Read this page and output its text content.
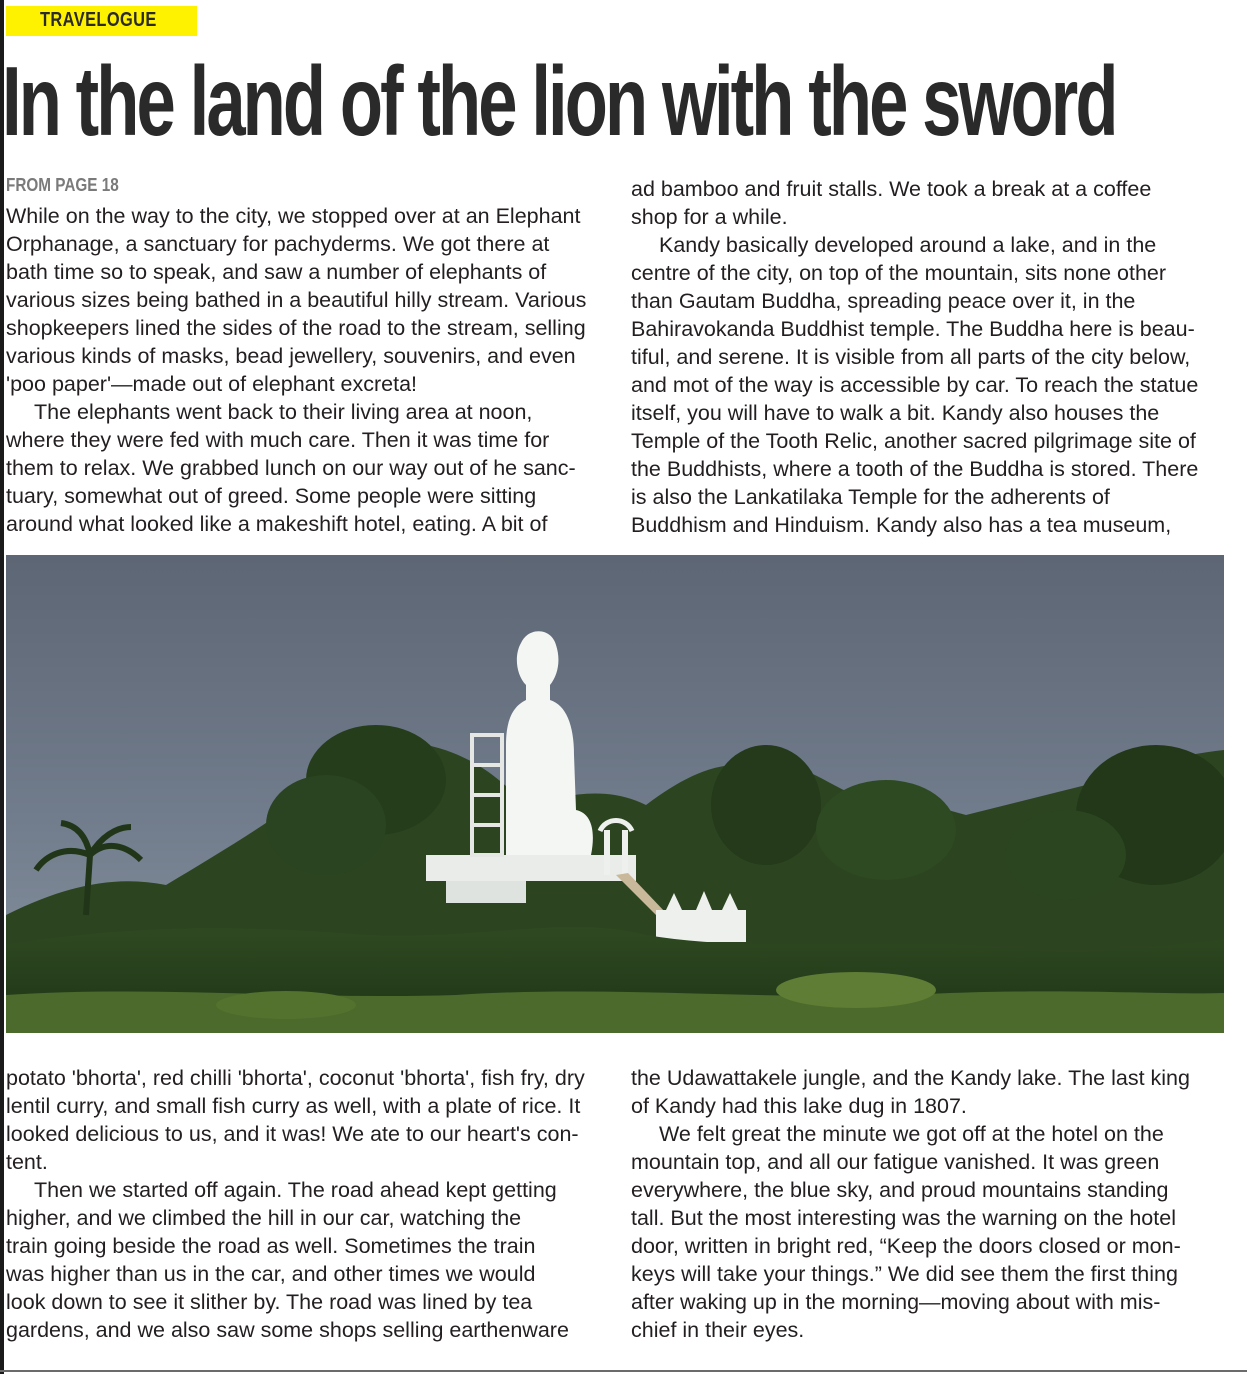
TRAVELOGUE
In the land of the lion with the sword
FROM PAGE 18

While on the way to the city, we stopped over at an Elephant

Orphanage, a sanctuary for pachyderms. We got there at

bath time so to speak, and saw a number of elephants of

various sizes being bathed in a beautiful hilly stream. Various

shopkeepers lined the sides of the road to the stream, selling

various kinds of masks, bead jewellery, souvenirs, and even

'poo paper'—made out of elephant excreta!

The elephants went back to their living area at noon,

where they were fed with much care. Then it was time for

them to relax. We grabbed lunch on our way out of he sanc-

tuary, somewhat out of greed. Some people were sitting

around what looked like a makeshift hotel, eating. A bit of

ad bamboo and fruit stalls. We took a break at a coffee

shop for a while.

Kandy basically developed around a lake, and in the

centre of the city, on top of the mountain, sits none other

than Gautam Buddha, spreading peace over it, in the

Bahiravokanda Buddhist temple. The Buddha here is beau-

tiful, and serene. It is visible from all parts of the city below,

and mot of the way is accessible by car. To reach the statue

itself, you will have to walk a bit. Kandy also houses the

Temple of the Tooth Relic, another sacred pilgrimage site of

the Buddhists, where a tooth of the Buddha is stored. There

is also the Lankatilaka Temple for the adherents of

Buddhism and Hinduism. Kandy also has a tea museum,

potato 'bhorta', red chilli 'bhorta', coconut 'bhorta', fish fry, dry

lentil curry, and small fish curry as well, with a plate of rice. It

looked delicious to us, and it was! We ate to our heart's con-

tent.

Then we started off again. The road ahead kept getting

higher, and we climbed the hill in our car, watching the

train going beside the road as well. Sometimes the train

was higher than us in the car, and other times we would

look down to see it slither by. The road was lined by tea

gardens, and we also saw some shops selling earthenware

the Udawattakele jungle, and the Kandy lake. The last king

of Kandy had this lake dug in 1807.

We felt great the minute we got off at the hotel on the

mountain top, and all our fatigue vanished. It was green

everywhere, the blue sky, and proud mountains standing

tall. But the most interesting was the warning on the hotel

door, written in bright red, “Keep the doors closed or mon-

keys will take your things.” We did see them the first thing

after waking up in the morning—moving about with mis-

chief in their eyes.
